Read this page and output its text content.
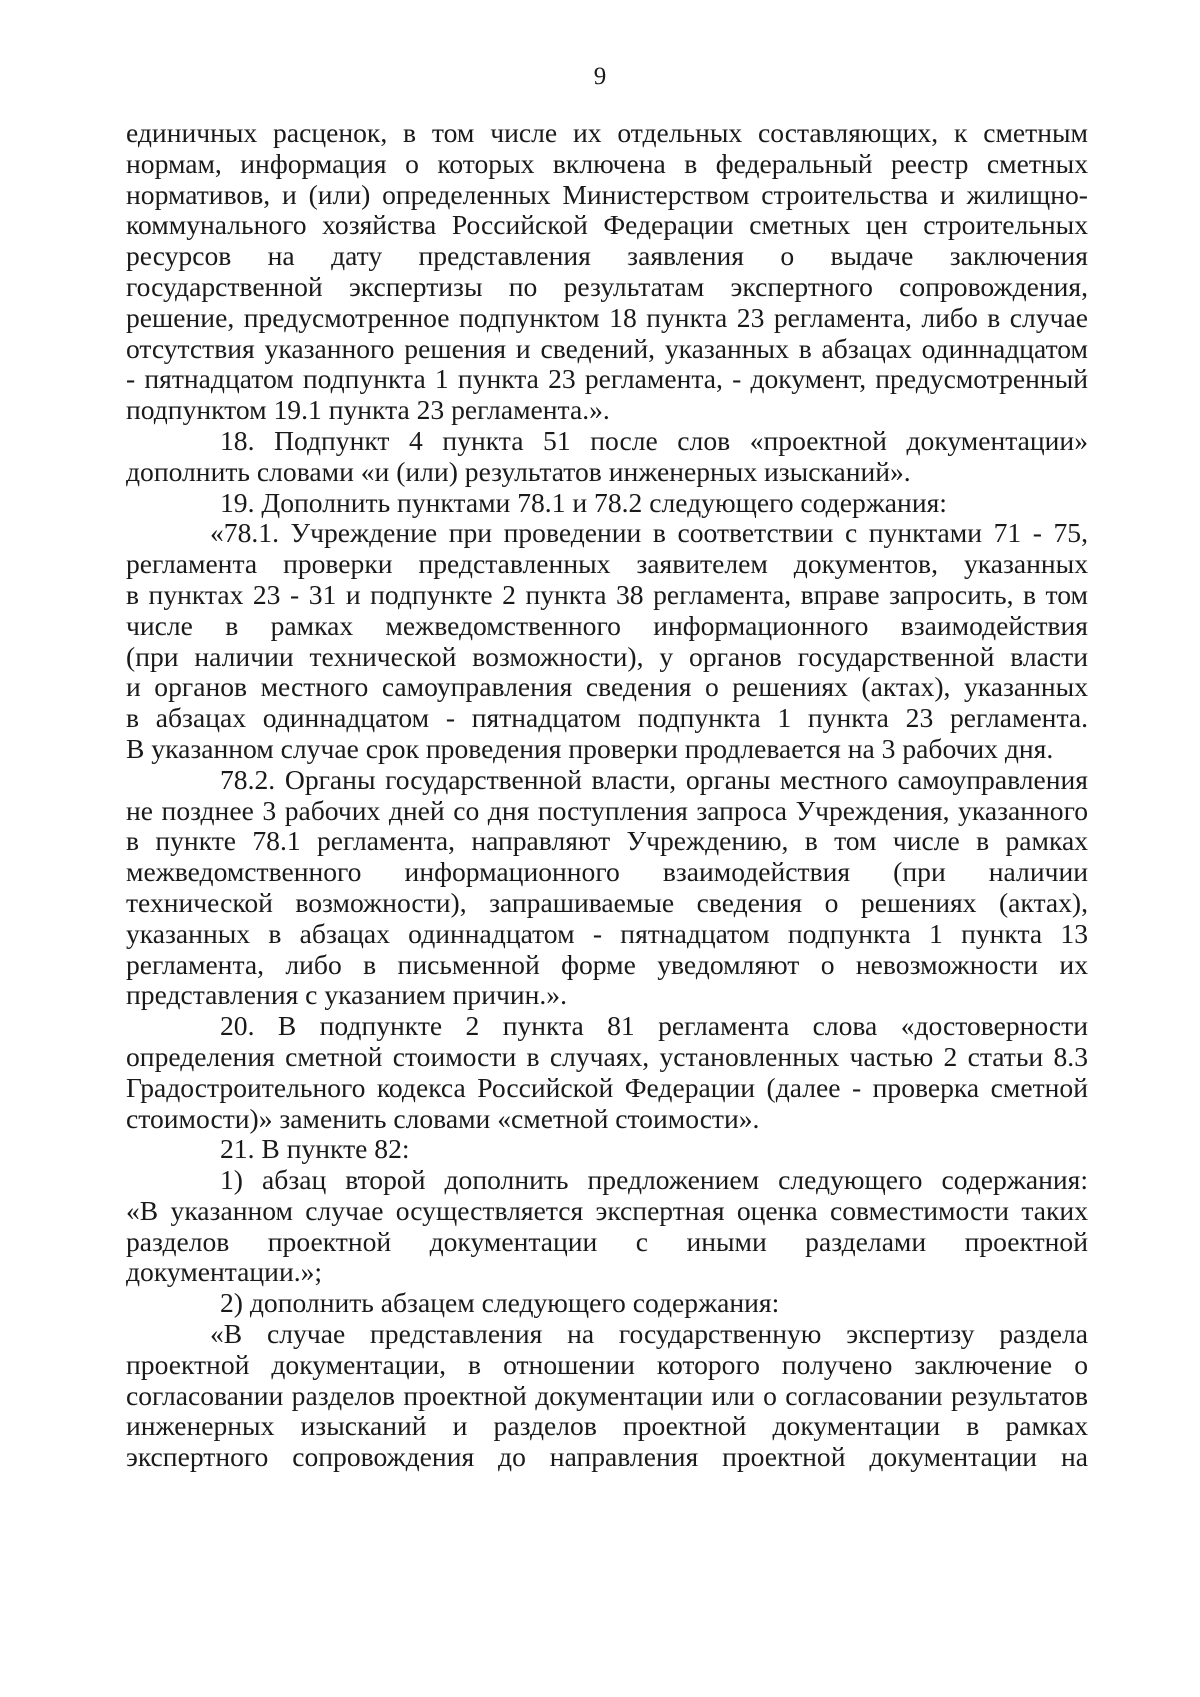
9
единичных расценок, в том числе их отдельных составляющих, к сметным
нормам, информация о которых включена в федеральный реестр сметных
нормативов, и (или) определенных Министерством строительства и жилищно-
коммунального хозяйства Российской Федерации сметных цен строительных
ресурсов на дату представления заявления о выдаче заключения
государственной экспертизы по результатам экспертного сопровождения,
решение, предусмотренное подпунктом 18 пункта 23 регламента, либо в случае
отсутствия указанного решения и сведений, указанных в абзацах одиннадцатом
- пятнадцатом подпункта 1 пункта 23 регламента, - документ, предусмотренный
подпунктом 19.1 пункта 23 регламента.».
18. Подпункт 4 пункта 51 после слов «проектной документации»
дополнить словами «и (или) результатов инженерных изысканий».
19. Дополнить пунктами 78.1 и 78.2 следующего содержания:
«78.1. Учреждение при проведении в соответствии с пунктами 71 - 75,
регламента проверки представленных заявителем документов, указанных
в пунктах 23 - 31 и подпункте 2 пункта 38 регламента, вправе запросить, в том
числе в рамках межведомственного информационного взаимодействия
(при наличии технической возможности), у органов государственной власти
и органов местного самоуправления сведения о решениях (актах), указанных
в абзацах одиннадцатом - пятнадцатом подпункта 1 пункта 23 регламента.
В указанном случае срок проведения проверки продлевается на 3 рабочих дня.
78.2. Органы государственной власти, органы местного самоуправления
не позднее 3 рабочих дней со дня поступления запроса Учреждения, указанного
в пункте 78.1 регламента, направляют Учреждению, в том числе в рамках
межведомственного информационного взаимодействия (при наличии
технической возможности), запрашиваемые сведения о решениях (актах),
указанных в абзацах одиннадцатом - пятнадцатом подпункта 1 пункта 13
регламента, либо в письменной форме уведомляют о невозможности их
представления с указанием причин.».
20. В подпункте 2 пункта 81 регламента слова «достоверности
определения сметной стоимости в случаях, установленных частью 2 статьи 8.3
Градостроительного кодекса Российской Федерации (далее - проверка сметной
стоимости)» заменить словами «сметной стоимости».
21. В пункте 82:
1) абзац второй дополнить предложением следующего содержания:
«В указанном случае осуществляется экспертная оценка совместимости таких
разделов проектной документации с иными разделами проектной
документации.»;
2) дополнить абзацем следующего содержания:
«В случае представления на государственную экспертизу раздела
проектной документации, в отношении которого получено заключение о
согласовании разделов проектной документации или о согласовании результатов
инженерных изысканий и разделов проектной документации в рамках
экспертного сопровождения до направления проектной документации на
